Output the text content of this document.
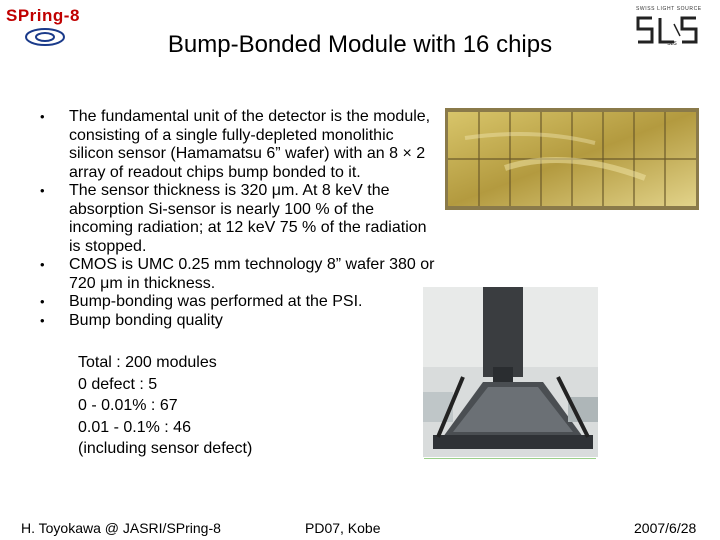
SPring-8	SWISS LIGHT SOURCE
SLS
Bump-Bonded Module with 16 chips
• The fundamental unit of the detector is the module, consisting of a single fully-depleted monolithic silicon sensor (Hamamatsu 6” wafer) with an 8 × 2 array of readout chips bump bonded to it.
• The sensor thickness is 320 μm. At 8 keV the absorption Si-sensor is nearly 100 % of the incoming radiation; at 12 keV 75 % of the radiation is stopped.
• CMOS is UMC 0.25 mm technology 8” wafer 380 or 720 μm in thickness.
• Bump-bonding was performed at the PSI.
• Bump bonding quality
Total : 200 modules
0 defect : 5
0 - 0.01% : 67
0.01 - 0.1% : 46
(including sensor defect)
H. Toyokawa @ JASRI/SPring-8	PD07, Kobe	2007/6/28
